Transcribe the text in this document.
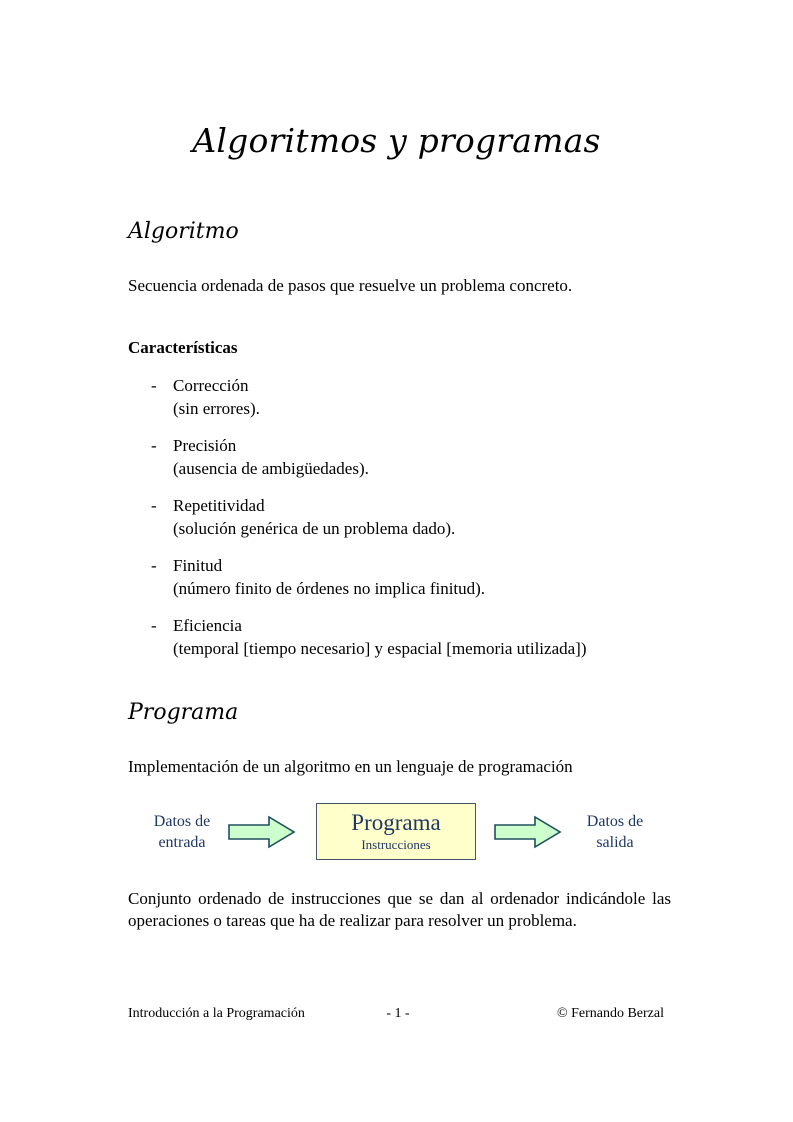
Algoritmos y programas
Algoritmo
Secuencia ordenada de pasos que resuelve un problema concreto.
Características
- Corrección
(sin errores).
- Precisión
(ausencia de ambigüedades).
- Repetitividad
(solución genérica de un problema dado).
- Finitud
(número finito de órdenes no implica finitud).
- Eficiencia
(temporal [tiempo necesario] y espacial [memoria utilizada])
Programa
Implementación de un algoritmo en un lenguaje de programación
Datos de
entrada
Programa
Instrucciones
Datos de
salida
Conjunto ordenado de instrucciones que se dan al ordenador indicándole las operaciones o tareas que ha de realizar para resolver un problema.
Introducción a la Programación	- 1 -	© Fernando Berzal
